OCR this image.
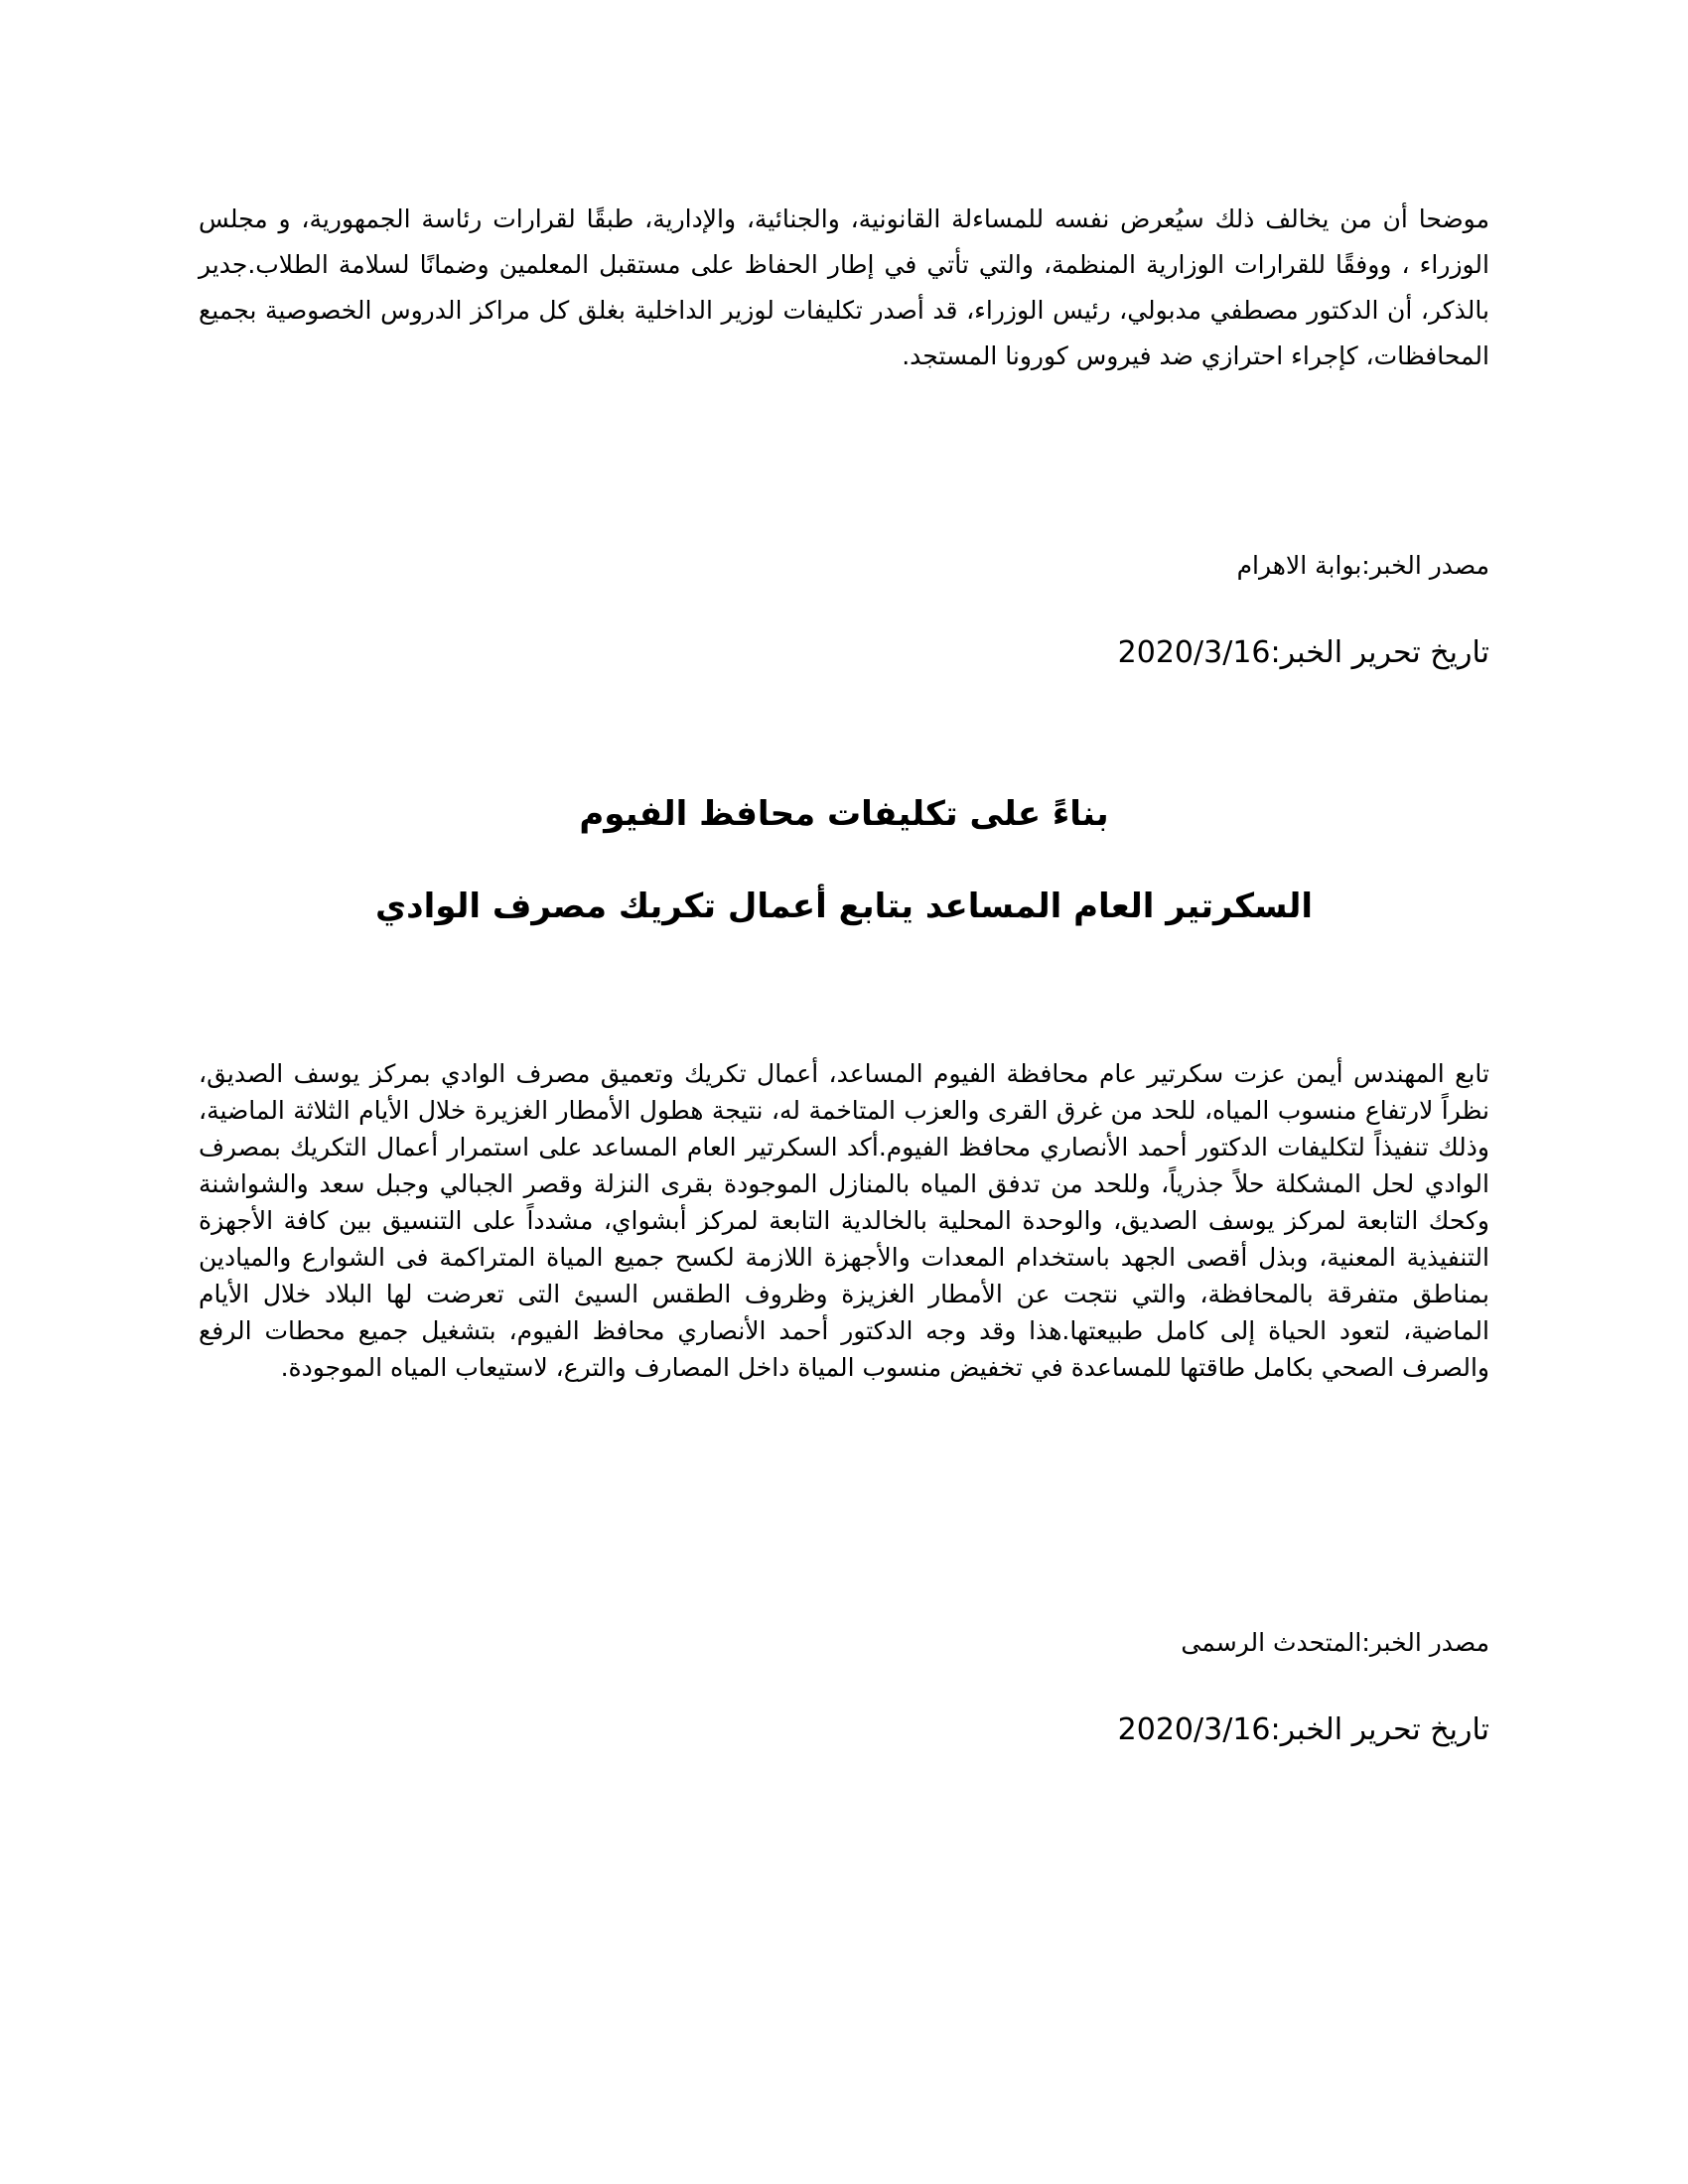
موضحا أن من يخالف ذلك سيُعرض نفسه للمساءلة القانونية، والجنائية، والإدارية، طبقًا لقرارات رئاسة الجمهورية، و مجلس الوزراء ، ووفقًا للقرارات الوزارية المنظمة، والتي تأتي في إطار الحفاظ على مستقبل المعلمين وضمانًا لسلامة الطلاب.جدير بالذكر، أن الدكتور مصطفي مدبولي، رئيس الوزراء، قد أصدر تكليفات لوزير الداخلية بغلق كل مراكز الدروس الخصوصية بجميع المحافظات، كإجراء احترازي ضد فيروس كورونا المستجد.

مصدر الخبر:بوابة الاهرام
تاريخ تحرير الخبر:2020/3/16
بناءً على تكليفات محافظ الفيوم
السكرتير العام المساعد يتابع أعمال تكريك مصرف الوادي

تابع المهندس أيمن عزت سكرتير عام محافظة الفيوم المساعد، أعمال تكريك وتعميق مصرف الوادي بمركز يوسف الصديق، نظراً لارتفاع منسوب المياه، للحد من غرق القرى والعزب المتاخمة له، نتيجة هطول الأمطار الغزيرة خلال الأيام الثلاثة الماضية، وذلك تنفيذاً لتكليفات الدكتور أحمد الأنصاري محافظ الفيوم.أكد السكرتير العام المساعد على استمرار أعمال التكريك بمصرف الوادي لحل المشكلة حلاً جذرياً، وللحد من تدفق المياه بالمنازل الموجودة بقرى النزلة وقصر الجبالي وجبل سعد والشواشنة وكحك التابعة لمركز يوسف الصديق، والوحدة المحلية بالخالدية التابعة لمركز أبشواي، مشدداً على التنسيق بين كافة الأجهزة التنفيذية المعنية، وبذل أقصى الجهد باستخدام المعدات والأجهزة اللازمة لكسح جميع المياة المتراكمة فى الشوارع والميادين بمناطق متفرقة بالمحافظة، والتي نتجت عن الأمطار الغزيزة وظروف الطقس السيئ التى تعرضت لها البلاد خلال الأيام الماضية، لتعود الحياة إلى كامل طبيعتها.هذا وقد وجه الدكتور أحمد الأنصاري محافظ الفيوم، بتشغيل جميع محطات الرفع والصرف الصحي بكامل طاقتها للمساعدة في تخفيض منسوب المياة داخل المصارف والترع، لاستيعاب المياه الموجودة.

مصدر الخبر:المتحدث الرسمى
تاريخ تحرير الخبر:2020/3/16
